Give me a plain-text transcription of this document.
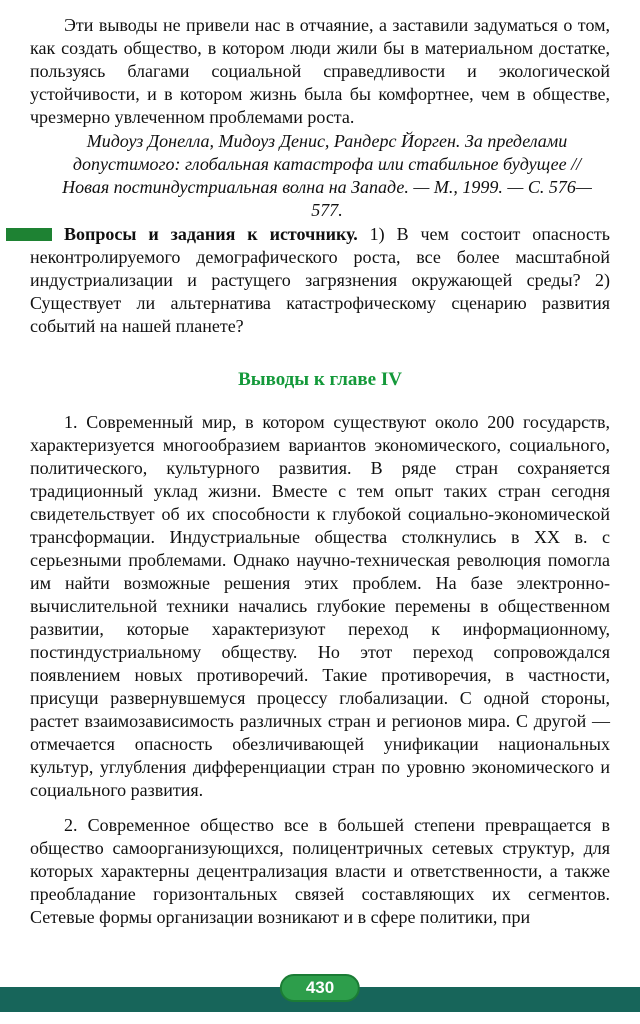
Эти выводы не привели нас в отчаяние, а заставили задуматься о том, как создать общество, в котором люди жили бы в материальном достатке, пользуясь благами социальной справедливости и экологической устойчивости, и в котором жизнь была бы комфортнее, чем в обществе, чрезмерно увлеченном проблемами роста.

Мидоуз Донелла, Мидоуз Денис, Рандерс Йорген. За пределами допустимого: глобальная катастрофа или стабильное будущее // Новая постиндустриальная волна на Западе. — М., 1999. — С. 576—577.

Вопросы и задания к источнику. 1) В чем состоит опасность неконтролируемого демографического роста, все более масштабной индустриализации и растущего загрязнения окружающей среды? 2) Существует ли альтернатива катастрофическому сценарию развития событий на нашей планете?

Выводы к главе IV

1. Современный мир, в котором существуют около 200 государств, характеризуется многообразием вариантов экономического, социального, политического, культурного развития. В ряде стран сохраняется традиционный уклад жизни. Вместе с тем опыт таких стран сегодня свидетельствует об их способности к глубокой социально-экономической трансформации. Индустриальные общества столкнулись в XX в. с серьезными проблемами. Однако научно-техническая революция помогла им найти возможные решения этих проблем. На базе электронно-вычислительной техники начались глубокие перемены в общественном развитии, которые характеризуют переход к информационному, постиндустриальному обществу. Но этот переход сопровождался появлением новых противоречий. Такие противоречия, в частности, присущи развернувшемуся процессу глобализации. С одной стороны, растет взаимозависимость различных стран и регионов мира. С другой — отмечается опасность обезличивающей унификации национальных культур, углубления дифференциации стран по уровню экономического и социального развития.

2. Современное общество все в большей степени превращается в общество самоорганизующихся, полицентричных сетевых структур, для которых характерны децентрализация власти и ответственности, а также преобладание горизонтальных связей составляющих их сегментов. Сетевые формы организации возникают и в сфере политики, при

430
